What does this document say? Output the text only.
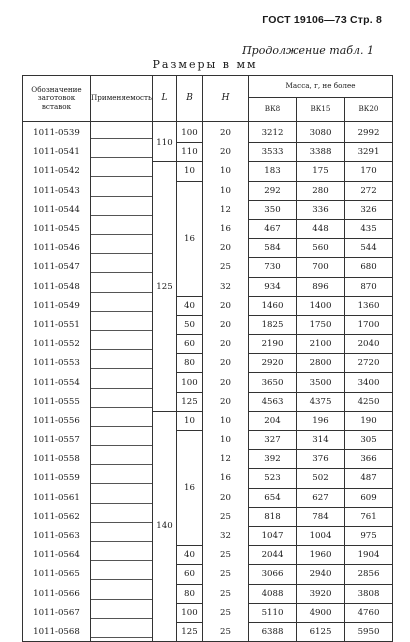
ГОСТ 19106—73 Стр. 8
Продолжение табл. 1
Размеры в мм
Обозначение заготовок вставок	Применяемость	L	B	H	Масса, г, не более		
					ВК8	ВК15	ВК20
1011-0539		110	100	20	3212	3080	2992
1011-0541			110	20	3533	3388	3291
1011-0542		125	10	10	183	175	170
1011-0543			16	10	292	280	272
1011-0544				12	350	336	326
1011-0545				16	467	448	435
1011-0546				20	584	560	544
1011-0547				25	730	700	680
1011-0548				32	934	896	870
1011-0549			40	20	1460	1400	1360
1011-0551			50	20	1825	1750	1700
1011-0552			60	20	2190	2100	2040
1011-0553			80	20	2920	2800	2720
1011-0554			100	20	3650	3500	3400
1011-0555			125	20	4563	4375	4250
1011-0556		140	10	10	204	196	190
1011-0557			16	10	327	314	305
1011-0558				12	392	376	366
1011-0559				16	523	502	487
1011-0561				20	654	627	609
1011-0562				25	818	784	761
1011-0563				32	1047	1004	975
1011-0564			40	25	2044	1960	1904
1011-0565			60	25	3066	2940	2856
1011-0566			80	25	4088	3920	3808
1011-0567			100	25	5110	4900	4760
1011-0568			125	25	6388	6125	5950
